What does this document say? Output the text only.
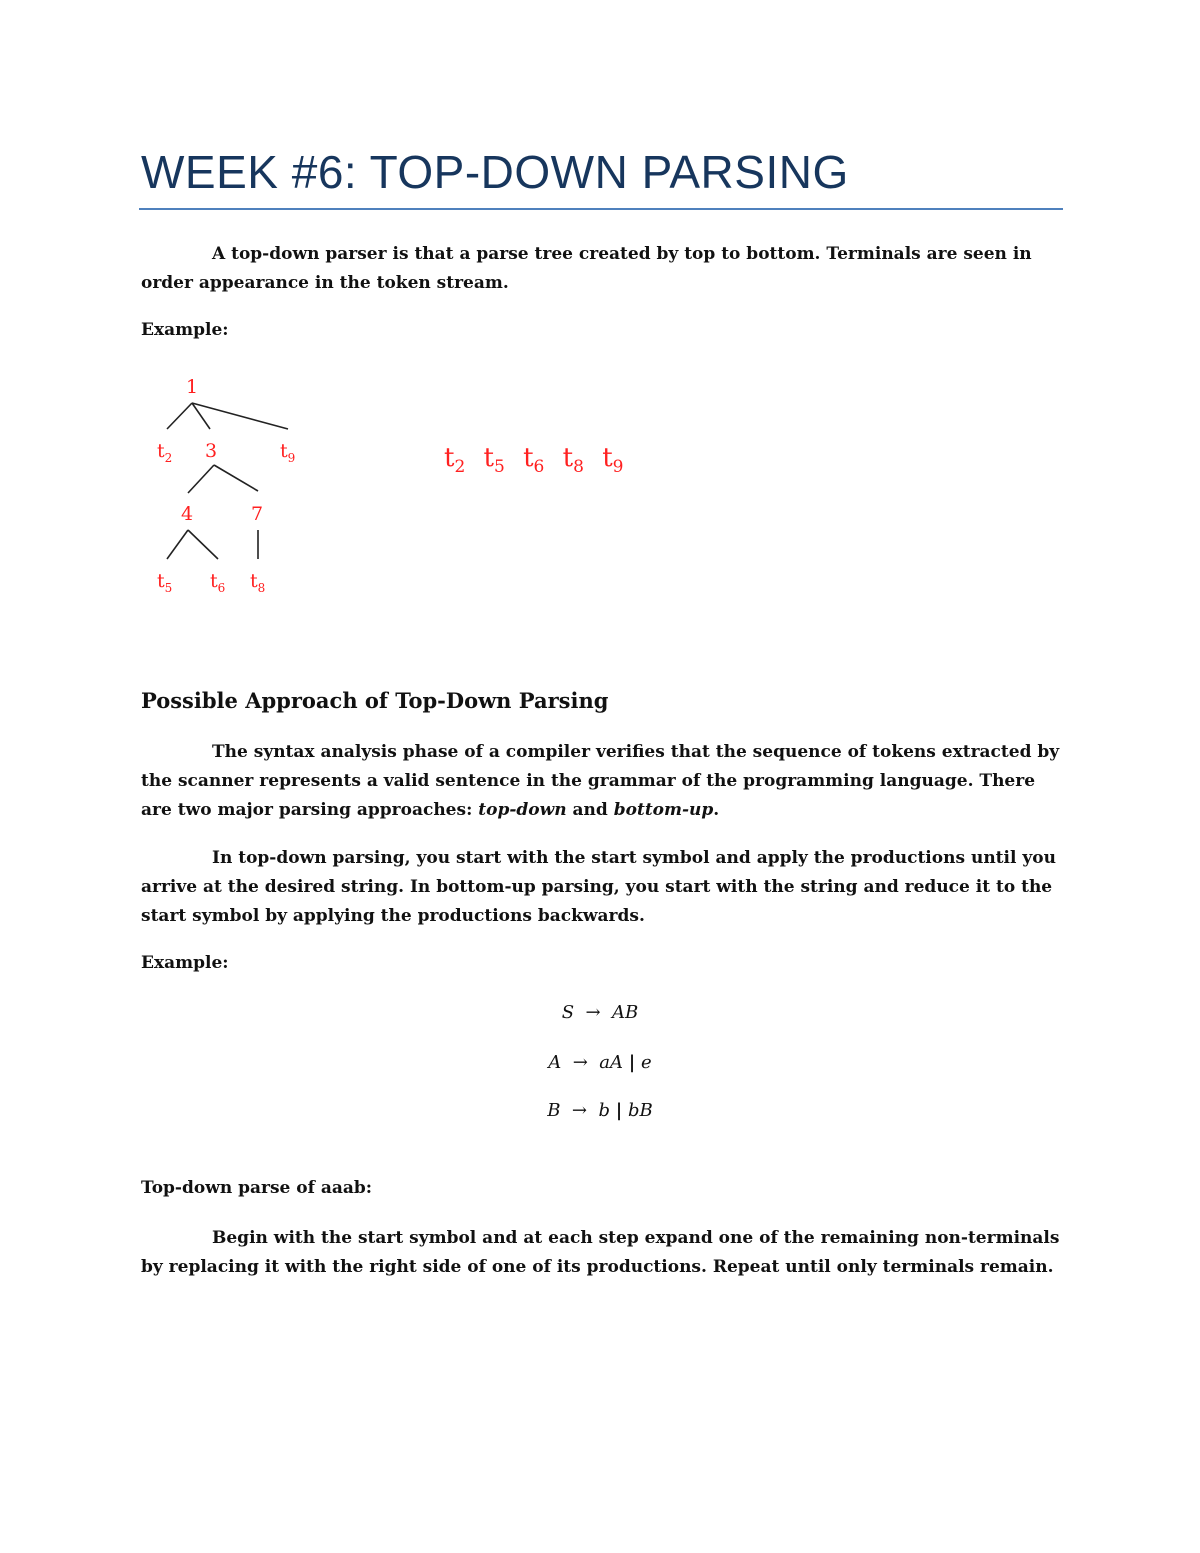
WEEK #6: TOP-DOWN PARSING

A top-down parser is that a parse tree created by top to bottom. Terminals are seen in order appearance in the token stream.

Example:

1
$t_2$ 3	$t_9$
4	7
$t_5$ $t_6$ $t_8$

$t_2$ $t_5$ $t_6$ $t_8$ $t_9$

Possible Approach of Top-Down Parsing

The syntax analysis phase of a compiler verifies that the sequence of tokens extracted by the scanner represents a valid sentence in the grammar of the programming language. There are two major parsing approaches: top-down and bottom-up.

In top-down parsing, you start with the start symbol and apply the productions until you arrive at the desired string. In bottom-up parsing, you start with the string and reduce it to the start symbol by applying the productions backwards.

Example:

S → AB

A → aA | e

B → b | bB

Top-down parse of aaab:

Begin with the start symbol and at each step expand one of the remaining non-terminals by replacing it with the right side of one of its productions. Repeat until only terminals remain.
